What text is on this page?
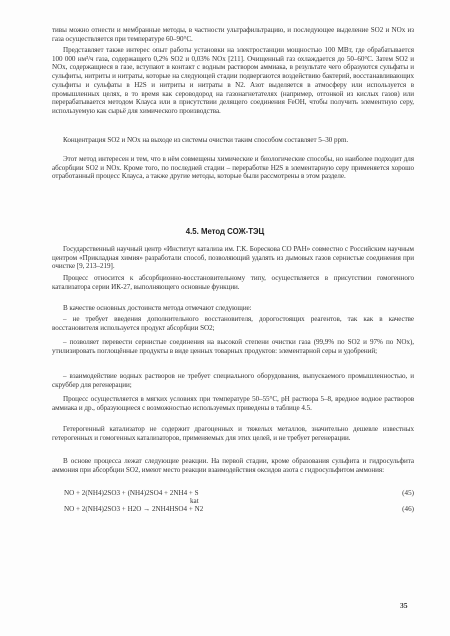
тивы можно отнести и мембранные методы, в частности ультрафильтрацию, и последующее выделение SO2 и NOx из газа осуществляется при температуре 60–90°С.
Представляет также интерес опыт работы установки на электростанции мощностью 100 МВт, где обрабатывается 100 000 нм³/ч газа, содержащего 0,2% SO2 и 0,03% NOx [211]. Очищенный газ охлаждается до 50–60°С. Затем SO2 и NOx, содержащиеся в газе, вступают в контакт с водным раствором аммиака, в результате чего образуются сульфаты и сульфиты, нитриты и нитраты, которые на следующей стадии подвергаются воздействию бактерий, восстанавливающих сульфиты и сульфаты в H2S и нитриты и нитраты в N2. Азот выделяется в атмосферу или используется в промышленных целях, в то время как сероводород на газонагнетателях (например, отгонкой из кислых газов) или перерабатывается методом Клауса или в присутствии делящего соединения FeOH, чтобы получить элементную серу, используемую как сырьё для химического производства.
Концентрация SO2 и NOx на выходе из системы очистки таким способом составляет 5–30 ppm.
Этот метод интересен и тем, что в нём совмещены химические и биологические способы, но наиболее подходит для абсорбции SO2 и NOx. Кроме того, по последней стадии – переработке H2S в элементарную серу применяется хорошо отработанный процесс Клауса, а также другие методы, которые были рассмотрены в этом разделе.
4.5. Метод СОЖ-ТЭЦ
Государственный научный центр «Институт катализа им. Г.К. Борескова СО РАН» совместно с Российским научным центром «Прикладная химия» разработали способ, позволяющий удалять из дымовых газов сернистые соединения при очистке [9, 213–219].
Процесс относится к абсорбционно-восстановительному типу, осуществляется в присутствии гомогенного катализатора серии ИК-27, выполняющего основные функции.
В качестве основных достоинств метода отмечают следующие:
– не требует введения дополнительного восстановителя, дорогостоящих реагентов, так как в качестве восстановителя используется продукт абсорбции SO2;
– позволяет перевести сернистые соединения на высокой степени очистки газа (99,9% по SO2 и 97% по NOx), утилизировать поглощённые продукты в виде ценных товарных продуктов: элементарной серы и удобрений;
– взаимодействие водных растворов не требует специального оборудования, выпускаемого промышленностью, и скруббер для регенерации;
Процесс осуществляется в мягких условиях при температуре 50–55°С, pH раствора 5–8, вредное водное растворов аммиака и др., образующиеся с возможностью используемых приведены в таблице 4.5.
Гетерогенный катализатор не содержит драгоценных и тяжелых металлов, значительно дешевле известных гетерогенных и гомогенных катализаторов, применяемых для этих целей, и не требует регенерации.
В основе процесса лежат следующие реакции. На первой стадии, кроме образования сульфита и гидросульфита аммония при абсорбции SO2, имеют место реакции взаимодействия оксидов азота с гидросульфитом аммония:
NO + 2(NH4)2SO3 + (NH4)2SO4 + 2NH4 + S	(45)
kat
NO + 2(NH4)2SO3 + H2O → 2NH4HSO4 + N2	(46)
35
